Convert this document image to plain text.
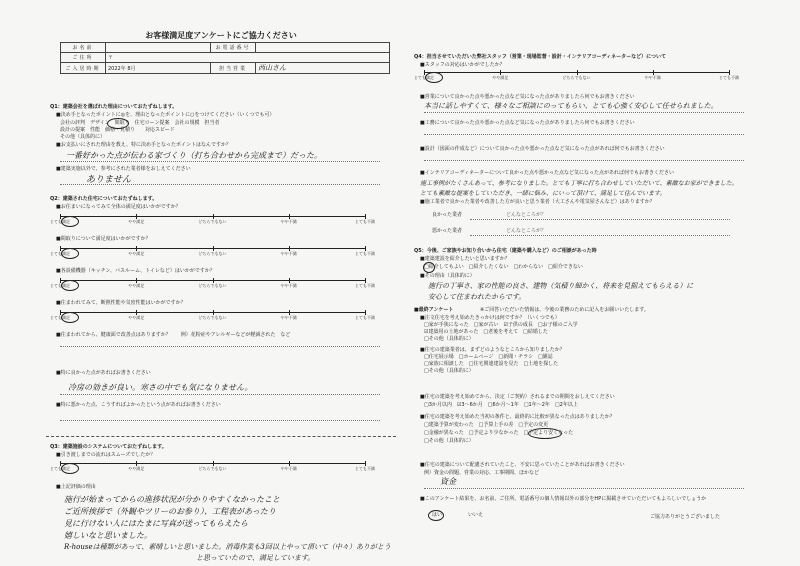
お客様満足度アンケートにご協力ください
お名前		お電話番号	
ご住所	〒		
ご入居時期	2022年 8月	担当営業	西山さん
Q1：建築会社を選ばれた理由についておたずねします。
■決め手となったポイントに◎を、理由となったポイントに○をつけてください（いくつでも可）
会社の評判　デザイン　間取り　住宅ローン提案　会社の規模　担当者
設計の提案　性能　価格・見積り　　対応スピード
その他（具体的に）
■お支払いにされた理由を教え、特に決め手となったポイントはなんですか？
一番好かった点が伝わる家づくり（打ち合わせから完成まで）だった。
■建築実施以外で、参考にされた業者様をおしえてください
ありません
Q2：建築された住宅についておたずねします。
■お住まいになってみて全体の満足度はいかがですか？
とても満足	やや満足	どちらでもない	やや不満	とても不満
■間取りについて満足度はいかがですか？
とても満足	やや満足	どちらでもない	やや不満	とても不満
■各設備機器（キッチン、バスルーム、トイレなど）はいかがですか？
とても満足	やや満足	どちらでもない	やや不満	とても不満
■住まわれてみて、断熱性能や気密性能はいかがですか？
とても満足	やや満足	どちらでもない	やや不満	とても不満
■住まわれてから、健康面で改善点はありますか？　　例）花粉症やアレルギーなどが軽減された　など
■特に良かった点があればお書きください
冷房の効きが良い。寒さの中でも気になりません。
■特に悪かった点、こうすればよかったという点があればお書きください
Q3：建築施設のシステムについておたずねします。
■引き渡しまでの流れはスムーズでしたか？
とても満足	やや満足	どちらでもない	やや不満	とても不満
■上記評価の理由
施行が始まってからの進捗状況が分かりやすくなかったこと
ご近所挨拶で（外観やツリーのお参り）、工程表があったり
見に行けない人にはたまに写真が送ってもらえたら
嬉しいなと思いました。
R-houseは種類があって、素晴しいと思いました。消毒作業も3回以上やって頂いて（中々）ありがとう
と思っていたので、満足しています。
Q4：担当させていただいた弊社スタッフ（営業・現場監督・設計・インテリアコーディネーターなど）について
■スタッフの対応はいかがでしたか？
とても満足	やや満足	どちらでもない	やや不満	とても不満
■営業について良かった点や悪かった点など気になった点がありましたら何でもお書きください
本当に話しやすくて、様々なご相談にのってもらい、とても心強く安心して任せられました。
■工務について良かった点や悪かった点など気になった点がありましたら何でもお書きください
■設計（図面の作成など）について良かった点や悪かった点など気になった点があれば何でもお書きください
■インテリアコーディネーターについて良かった点や悪かった点など気になった点があれば何でもお書きください
施工事例がたくさんあって、参考になりました。とても丁寧に打ち合わせしていただいて、素敵なお家ができました。
とても素敵な提案をしていただき、一緒に悩み、にいって頂けて、満足して住んでいます。
■施工業者で良かった業者や改善した方が良いと思う業者（大工さんや電気屋さんなど）はありますか？
良かった業者	どんなところが？
悪かった業者	どんなところが？
Q5：今後、ご家族やお知り合いから住宅（建築や購入など）のご相談があった時
■建築建設を紹介したいと思いますか？
□紹介してもよい　□紹介したくない　□わからない　□紹介できない
■その理由（具体的に）
施行の丁寧さ、家の性能の良さ、建物（気積り細かく、将来を見据えてもらえる）に
安心して住まわれたからです。
■最終アンケート	※ご回答いただいた情報は、今後の業務のために記入をお願いいたします。
■注文住宅を考え始めたきっかけは何ですか？（いくつでも）
□家が手狭になった　□家が古い　☑子供の成長　□お子様のご入学
☑建築用の土地があった　□老後を考えて　□結婚した
□その他（具体的に）
■住宅の建築業者は、まずどのようなところから知りましたか？
□住宅展示場　□ホームページ　□新聞・チラシ　□雑誌
□家族に相談した　□住宅関連建設を見た　□土地を探した
□その他（具体的に）
■住宅の建築を考え始めてから、決定（ご契約）されるまでの期間をおしえてください
□3か月以内　☑3〜6か月　□6か月〜1年　□1年〜2年　□2年以上
■住宅の建築を考え始めた当初の条件と、最終的に比較が異なった点はありましたか？
□建築予算が変わった　□予算上手の差　□予定の変更
□金融が異なった　□予定より少なかった　□予定より安くなった
□その他（具体的に）
■住宅の建築について配慮されていたこと、不安に思っていたことがあればお書きください
例）資金の問題、営業の対応、工事期間、ほかなど
資金
■このアンケート結果を、お名前、ご住所、電話番号の個人情報以外の部分をHPに掲載させていただいてもよろしいでしょうか
はい	いいえ	ご協力ありがとうございました
